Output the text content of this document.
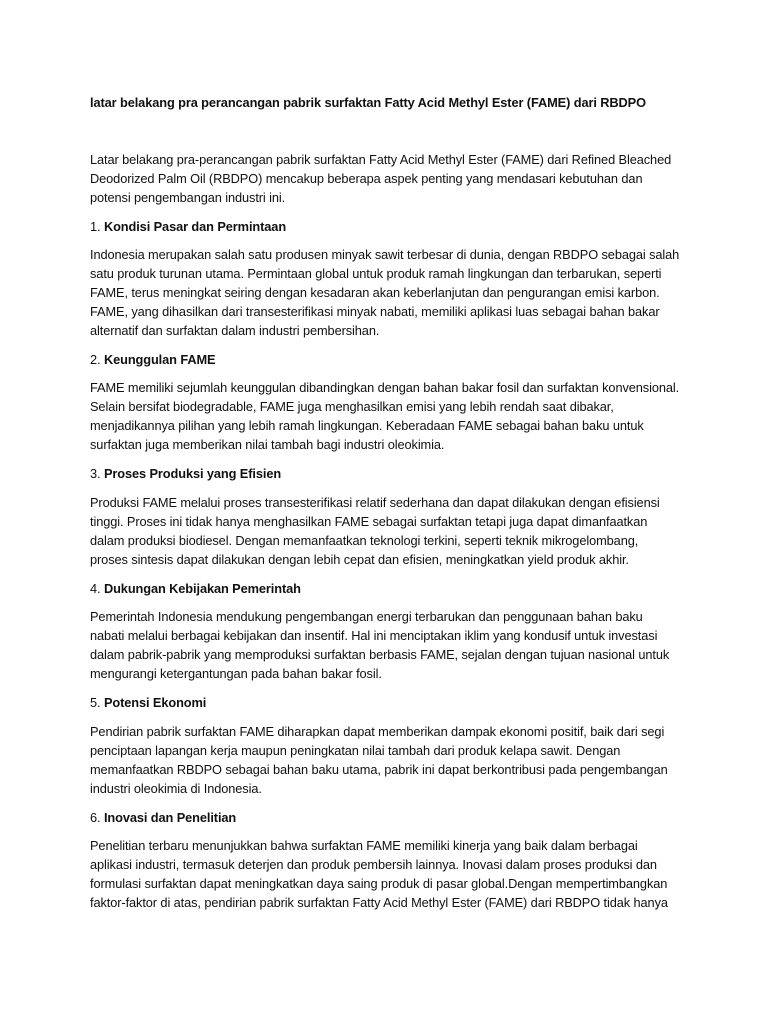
latar belakang pra perancangan pabrik surfaktan Fatty Acid Methyl Ester (FAME) dari RBDPO
Latar belakang pra-perancangan pabrik surfaktan Fatty Acid Methyl Ester (FAME) dari Refined Bleached
Deodorized Palm Oil (RBDPO) mencakup beberapa aspek penting yang mendasari kebutuhan dan
potensi pengembangan industri ini.
1. Kondisi Pasar dan Permintaan
Indonesia merupakan salah satu produsen minyak sawit terbesar di dunia, dengan RBDPO sebagai salah
satu produk turunan utama. Permintaan global untuk produk ramah lingkungan dan terbarukan, seperti
FAME, terus meningkat seiring dengan kesadaran akan keberlanjutan dan pengurangan emisi karbon.
FAME, yang dihasilkan dari transesterifikasi minyak nabati, memiliki aplikasi luas sebagai bahan bakar
alternatif dan surfaktan dalam industri pembersihan.
2. Keunggulan FAME
FAME memiliki sejumlah keunggulan dibandingkan dengan bahan bakar fosil dan surfaktan konvensional.
Selain bersifat biodegradable, FAME juga menghasilkan emisi yang lebih rendah saat dibakar,
menjadikannya pilihan yang lebih ramah lingkungan. Keberadaan FAME sebagai bahan baku untuk
surfaktan juga memberikan nilai tambah bagi industri oleokimia.
3. Proses Produksi yang Efisien
Produksi FAME melalui proses transesterifikasi relatif sederhana dan dapat dilakukan dengan efisiensi
tinggi. Proses ini tidak hanya menghasilkan FAME sebagai surfaktan tetapi juga dapat dimanfaatkan
dalam produksi biodiesel. Dengan memanfaatkan teknologi terkini, seperti teknik mikrogelombang,
proses sintesis dapat dilakukan dengan lebih cepat dan efisien, meningkatkan yield produk akhir.
4. Dukungan Kebijakan Pemerintah
Pemerintah Indonesia mendukung pengembangan energi terbarukan dan penggunaan bahan baku
nabati melalui berbagai kebijakan dan insentif. Hal ini menciptakan iklim yang kondusif untuk investasi
dalam pabrik-pabrik yang memproduksi surfaktan berbasis FAME, sejalan dengan tujuan nasional untuk
mengurangi ketergantungan pada bahan bakar fosil.
5. Potensi Ekonomi
Pendirian pabrik surfaktan FAME diharapkan dapat memberikan dampak ekonomi positif, baik dari segi
penciptaan lapangan kerja maupun peningkatan nilai tambah dari produk kelapa sawit. Dengan
memanfaatkan RBDPO sebagai bahan baku utama, pabrik ini dapat berkontribusi pada pengembangan
industri oleokimia di Indonesia.
6. Inovasi dan Penelitian
Penelitian terbaru menunjukkan bahwa surfaktan FAME memiliki kinerja yang baik dalam berbagai
aplikasi industri, termasuk deterjen dan produk pembersih lainnya. Inovasi dalam proses produksi dan
formulasi surfaktan dapat meningkatkan daya saing produk di pasar global.Dengan mempertimbangkan
faktor-faktor di atas, pendirian pabrik surfaktan Fatty Acid Methyl Ester (FAME) dari RBDPO tidak hanya
